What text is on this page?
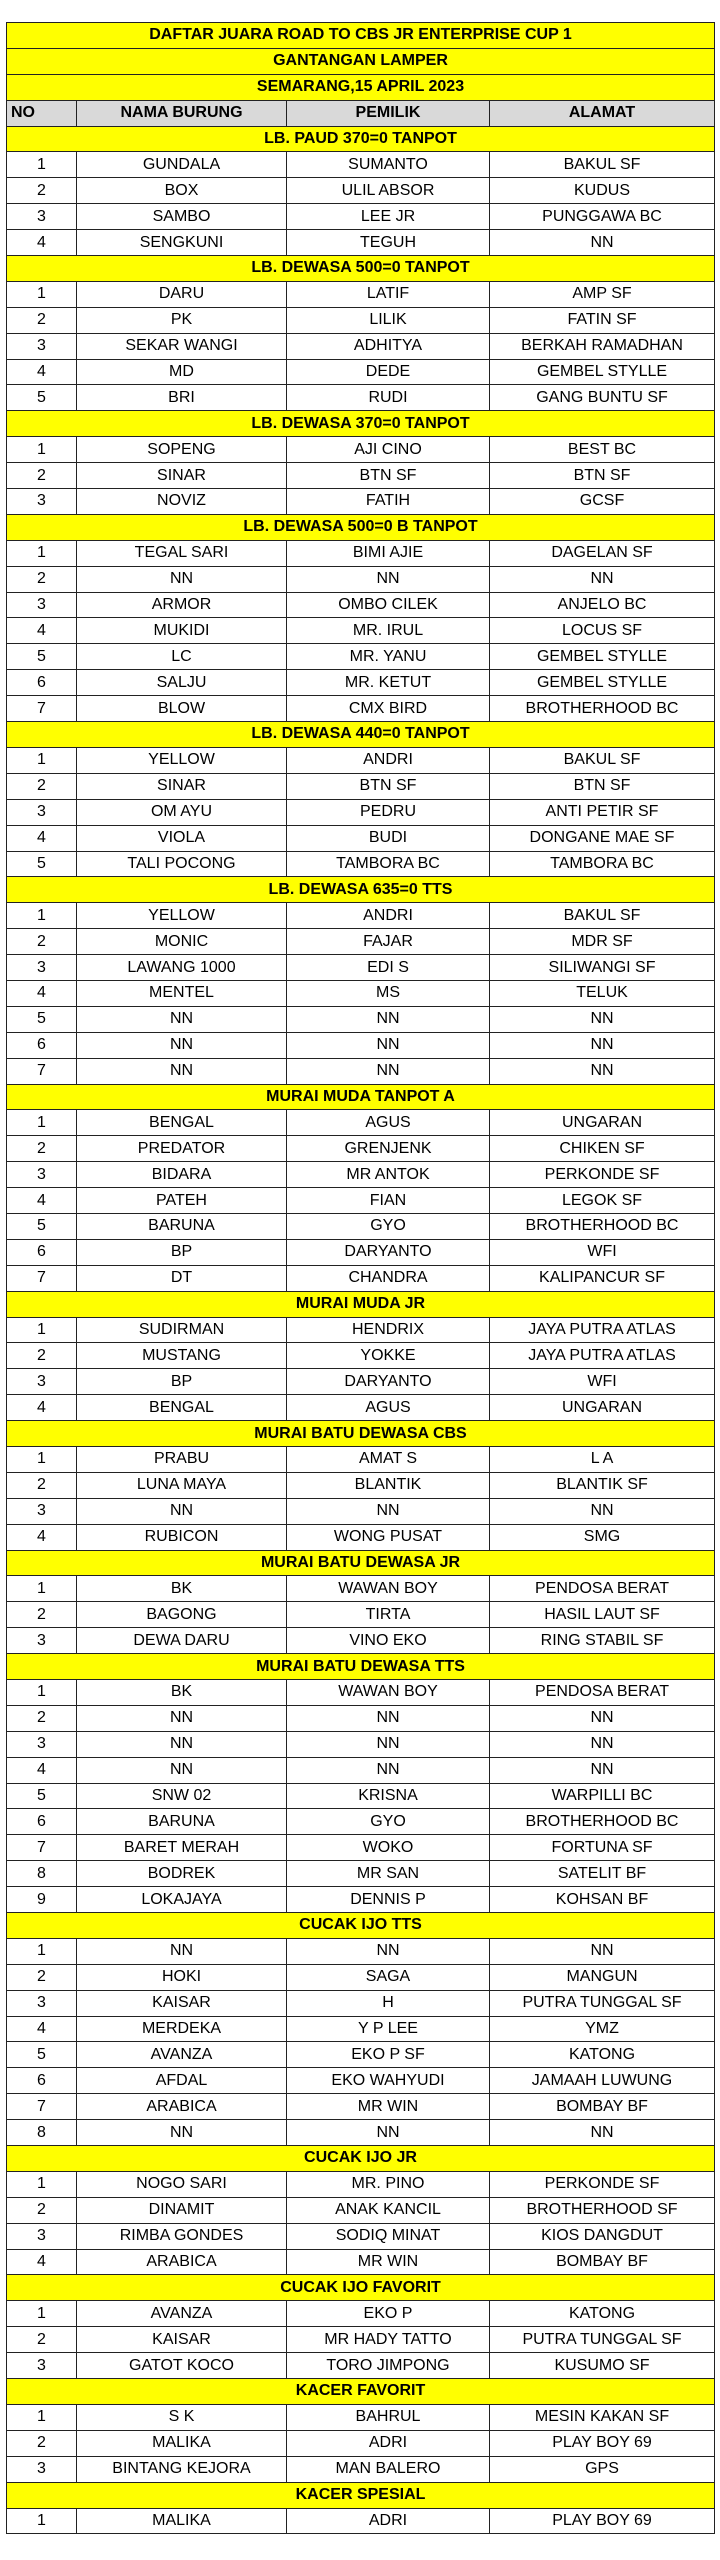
DAFTAR JUARA ROAD TO CBS JR ENTERPRISE CUP 1			
GANTANGAN LAMPER			
SEMARANG,15 APRIL 2023			
NO	NAMA BURUNG	PEMILIK	ALAMAT
LB. PAUD 370=0 TANPOT			
1	GUNDALA	SUMANTO	BAKUL SF
2	BOX	ULIL ABSOR	KUDUS
3	SAMBO	LEE JR	PUNGGAWA BC
4	SENGKUNI	TEGUH	NN
LB. DEWASA 500=0 TANPOT			
1	DARU	LATIF	AMP SF
2	PK	LILIK	FATIN SF
3	SEKAR WANGI	ADHITYA	BERKAH RAMADHAN
4	MD	DEDE	GEMBEL STYLLE
5	BRI	RUDI	GANG BUNTU SF
LB. DEWASA 370=0 TANPOT			
1	SOPENG	AJI CINO	BEST BC
2	SINAR	BTN SF	BTN SF
3	NOVIZ	FATIH	GCSF
LB. DEWASA 500=0 B TANPOT			
1	TEGAL SARI	BIMI AJIE	DAGELAN SF
2	NN	NN	NN
3	ARMOR	OMBO CILEK	ANJELO BC
4	MUKIDI	MR. IRUL	LOCUS SF
5	LC	MR. YANU	GEMBEL STYLLE
6	SALJU	MR. KETUT	GEMBEL STYLLE
7	BLOW	CMX BIRD	BROTHERHOOD BC
LB. DEWASA 440=0 TANPOT			
1	YELLOW	ANDRI	BAKUL SF
2	SINAR	BTN SF	BTN SF
3	OM AYU	PEDRU	ANTI PETIR SF
4	VIOLA	BUDI	DONGANE MAE SF
5	TALI POCONG	TAMBORA BC	TAMBORA BC
LB. DEWASA 635=0 TTS			
1	YELLOW	ANDRI	BAKUL SF
2	MONIC	FAJAR	MDR SF
3	LAWANG 1000	EDI S	SILIWANGI SF
4	MENTEL	MS	TELUK
5	NN	NN	NN
6	NN	NN	NN
7	NN	NN	NN
MURAI MUDA TANPOT A			
1	BENGAL	AGUS	UNGARAN
2	PREDATOR	GRENJENK	CHIKEN SF
3	BIDARA	MR ANTOK	PERKONDE SF
4	PATEH	FIAN	LEGOK SF
5	BARUNA	GYO	BROTHERHOOD BC
6	BP	DARYANTO	WFI
7	DT	CHANDRA	KALIPANCUR SF
MURAI MUDA JR			
1	SUDIRMAN	HENDRIX	JAYA PUTRA ATLAS
2	MUSTANG	YOKKE	JAYA PUTRA ATLAS
3	BP	DARYANTO	WFI
4	BENGAL	AGUS	UNGARAN
MURAI BATU DEWASA CBS			
1	PRABU	AMAT S	L A
2	LUNA MAYA	BLANTIK	BLANTIK SF
3	NN	NN	NN
4	RUBICON	WONG PUSAT	SMG
MURAI BATU DEWASA JR			
1	BK	WAWAN BOY	PENDOSA BERAT
2	BAGONG	TIRTA	HASIL LAUT SF
3	DEWA DARU	VINO EKO	RING STABIL SF
MURAI BATU DEWASA TTS			
1	BK	WAWAN BOY	PENDOSA BERAT
2	NN	NN	NN
3	NN	NN	NN
4	NN	NN	NN
5	SNW 02	KRISNA	WARPILLI BC
6	BARUNA	GYO	BROTHERHOOD BC
7	BARET MERAH	WOKO	FORTUNA SF
8	BODREK	MR SAN	SATELIT BF
9	LOKAJAYA	DENNIS P	KOHSAN BF
CUCAK IJO TTS			
1	NN	NN	NN
2	HOKI	SAGA	MANGUN
3	KAISAR	H	PUTRA TUNGGAL SF
4	MERDEKA	Y P LEE	YMZ
5	AVANZA	EKO P SF	KATONG
6	AFDAL	EKO WAHYUDI	JAMAAH LUWUNG
7	ARABICA	MR WIN	BOMBAY BF
8	NN	NN	NN
CUCAK IJO JR			
1	NOGO SARI	MR. PINO	PERKONDE SF
2	DINAMIT	ANAK KANCIL	BROTHERHOOD SF
3	RIMBA GONDES	SODIQ MINAT	KIOS DANGDUT
4	ARABICA	MR WIN	BOMBAY BF
CUCAK IJO FAVORIT			
1	AVANZA	EKO P	KATONG
2	KAISAR	MR HADY TATTO	PUTRA TUNGGAL SF
3	GATOT KOCO	TORO JIMPONG	KUSUMO SF
KACER FAVORIT			
1	S K	BAHRUL	MESIN KAKAN SF
2	MALIKA	ADRI	PLAY BOY 69
3	BINTANG KEJORA	MAN BALERO	GPS
KACER SPESIAL			
1	MALIKA	ADRI	PLAY BOY 69
